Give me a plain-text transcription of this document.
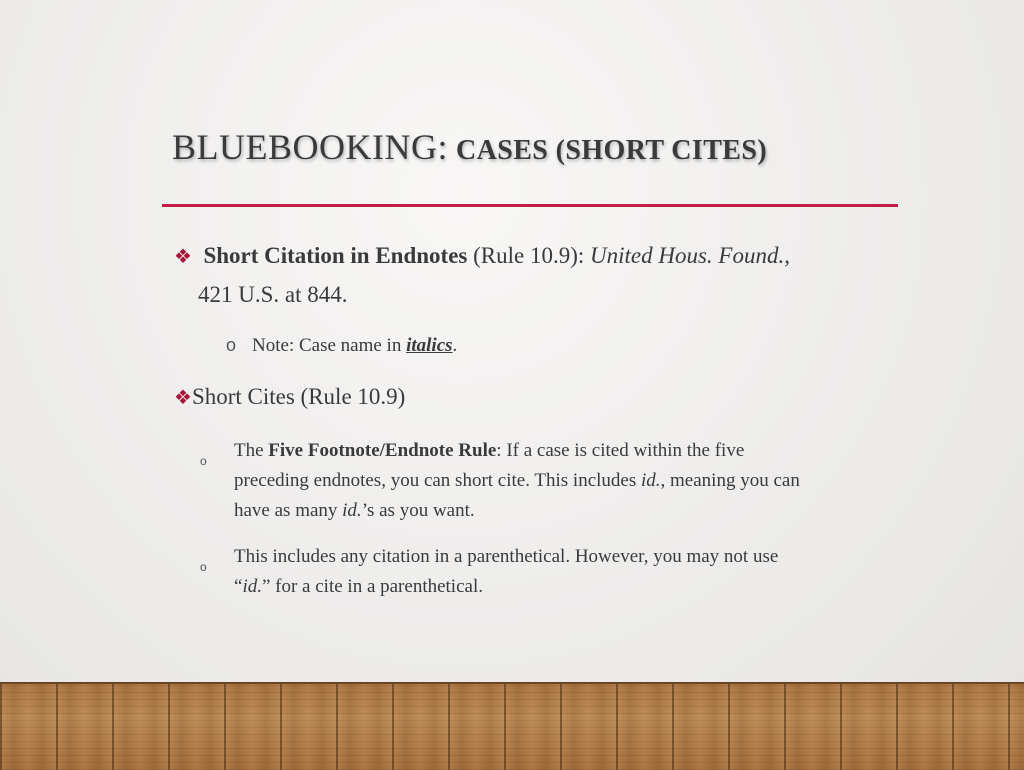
BLUEBOOKING: CASES (SHORT CITES)
❖ Short Citation in Endnotes (Rule 10.9): United Hous. Found.,
421 U.S. at 844.
o Note: Case name in italics.
❖Short Cites (Rule 10.9)
o The Five Footnote/Endnote Rule: If a case is cited within the five
preceding endnotes, you can short cite. This includes id., meaning you can
have as many id.’s as you want.
o This includes any citation in a parenthetical. However, you may not use
“id.” for a cite in a parenthetical.
